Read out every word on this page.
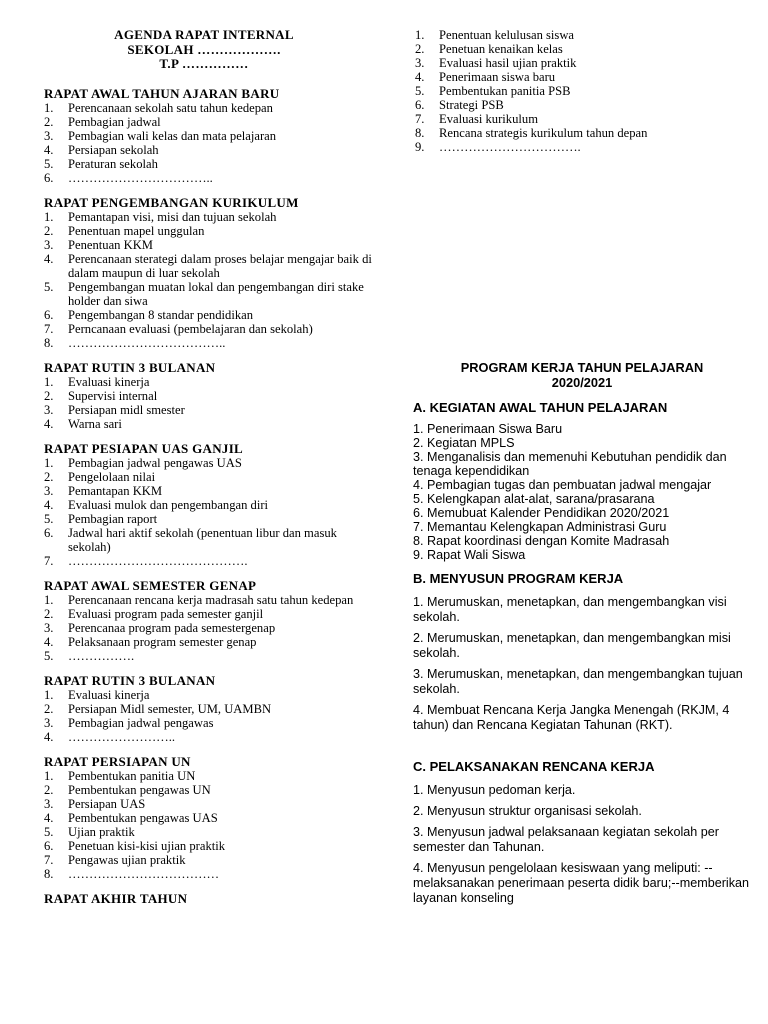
AGENDA RAPAT INTERNAL
SEKOLAH ……………….
T.P ……………
RAPAT AWAL TAHUN AJARAN BARU
1. Perencanaan sekolah satu tahun kedepan
2. Pembagian jadwal
3. Pembagian wali kelas dan mata pelajaran
4. Persiapan sekolah
5. Peraturan sekolah
6. ……………………………..
RAPAT PENGEMBANGAN KURIKULUM
1. Pemantapan visi, misi dan tujuan sekolah
2. Penentuan mapel unggulan
3. Penentuan KKM
4. Perencanaan sterategi dalam proses belajar mengajar baik di dalam maupun di luar sekolah
5. Pengembangan muatan lokal dan pengembangan diri stake holder dan siwa
6. Pengembangan 8 standar pendidikan
7. Perncanaan evaluasi (pembelajaran dan sekolah)
8. ………………………………..
RAPAT RUTIN 3 BULANAN
1. Evaluasi kinerja
2. Supervisi internal
3. Persiapan midl smester
4. Warna sari
RAPAT PESIAPAN UAS GANJIL
1. Pembagian jadwal pengawas UAS
2. Pengelolaan nilai
3. Pemantapan KKM
4. Evaluasi mulok dan pengembangan diri
5. Pembagian raport
6. Jadwal hari aktif sekolah (penentuan libur dan masuk sekolah)
7. …………………………………….
RAPAT AWAL SEMESTER GENAP
1. Perencanaan rencana kerja madrasah satu tahun kedepan
2. Evaluasi program pada semester ganjil
3. Perencanaa program pada semestergenap
4. Pelaksanaan program semester genap
5. …………….
RAPAT RUTIN 3 BULANAN
1. Evaluasi kinerja
2. Persiapan Midl semester, UM, UAMBN
3. Pembagian jadwal pengawas
4. ……………………..
RAPAT PERSIAPAN UN
1. Pembentukan panitia UN
2. Pembentukan pengawas UN
3. Persiapan UAS
4. Pembentukan pengawas UAS
5. Ujian praktik
6. Penetuan kisi-kisi ujian praktik
7. Pengawas ujian praktik
8. ………………………………
RAPAT AKHIR TAHUN
1. Penentuan kelulusan siswa
2. Penetuan kenaikan kelas
3. Evaluasi hasil ujian praktik
4. Penerimaan siswa baru
5. Pembentukan panitia PSB
6. Strategi PSB
7. Evaluasi kurikulum
8. Rencana strategis kurikulum tahun depan
9. …………………………….
PROGRAM KERJA TAHUN PELAJARAN
2020/2021
A. KEGIATAN AWAL TAHUN PELAJARAN
1. Penerimaan Siswa Baru
2. Kegiatan MPLS
3. Menganalisis dan memenuhi Kebutuhan pendidik dan tenaga kependidikan
4. Pembagian tugas dan pembuatan jadwal mengajar
5. Kelengkapan alat-alat, sarana/prasarana
6. Memubuat Kalender Pendidikan 2020/2021
7. Memantau Kelengkapan Administrasi Guru
8. Rapat koordinasi dengan Komite Madrasah
9. Rapat Wali Siswa
B. MENYUSUN PROGRAM KERJA

1. Merumuskan, menetapkan, dan mengembangkan visi sekolah.

2. Merumuskan, menetapkan, dan mengembangkan misi sekolah.

3. Merumuskan, menetapkan, dan mengembangkan tujuan sekolah.

4. Membuat Rencana Kerja Jangka Menengah (RKJM, 4 tahun) dan Rencana Kegiatan Tahunan (RKT).

C. PELAKSANAKAN RENCANA KERJA

1. Menyusun pedoman kerja.

2. Menyusun struktur organisasi sekolah.

3. Menyusun jadwal pelaksanaan kegiatan sekolah per semester dan Tahunan.

4. Menyusun pengelolaan kesiswaan yang meliputi: --melaksanakan penerimaan peserta didik baru;--memberikan layanan konseling
